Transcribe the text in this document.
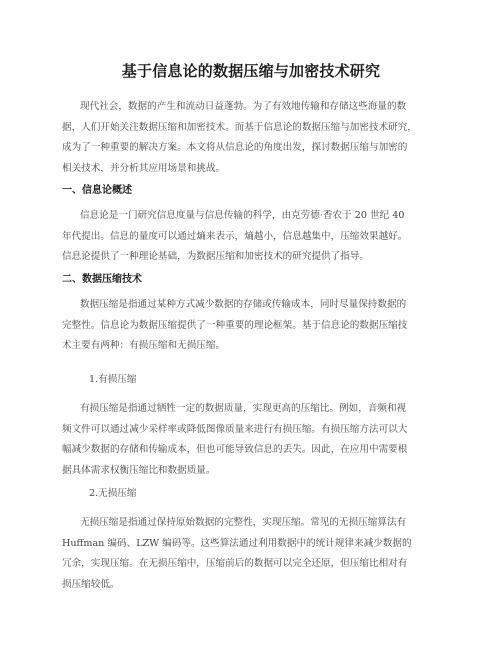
基于信息论的数据压缩与加密技术研究
现代社会，数据的产生和流动日益蓬勃。为了有效地传输和存储这些海量的数
据，人们开始关注数据压缩和加密技术。而基于信息论的数据压缩与加密技术研究，
成为了一种重要的解决方案。本文将从信息论的角度出发，探讨数据压缩与加密的
相关技术，并分析其应用场景和挑战。
一、信息论概述
信息论是一门研究信息度量与信息传输的科学，由克劳德·香农于 20 世纪 40
年代提出。信息的量度可以通过熵来表示，熵越小，信息越集中，压缩效果越好。
信息论提供了一种理论基础，为数据压缩和加密技术的研究提供了指导。
二、数据压缩技术
数据压缩是指通过某种方式减少数据的存储或传输成本，同时尽量保持数据的
完整性。信息论为数据压缩提供了一种重要的理论框架。基于信息论的数据压缩技
术主要有两种：有损压缩和无损压缩。
1.有损压缩
有损压缩是指通过牺牲一定的数据质量，实现更高的压缩比。例如，音频和视
频文件可以通过减少采样率或降低图像质量来进行有损压缩。有损压缩方法可以大
幅减少数据的存储和传输成本，但也可能导致信息的丢失。因此，在应用中需要根
据具体需求权衡压缩比和数据质量。
2.无损压缩
无损压缩是指通过保持原始数据的完整性，实现压缩。常见的无损压缩算法有
Huffman 编码、LZW 编码等。这些算法通过利用数据中的统计规律来减少数据的
冗余，实现压缩。在无损压缩中，压缩前后的数据可以完全还原，但压缩比相对有
损压缩较低。
